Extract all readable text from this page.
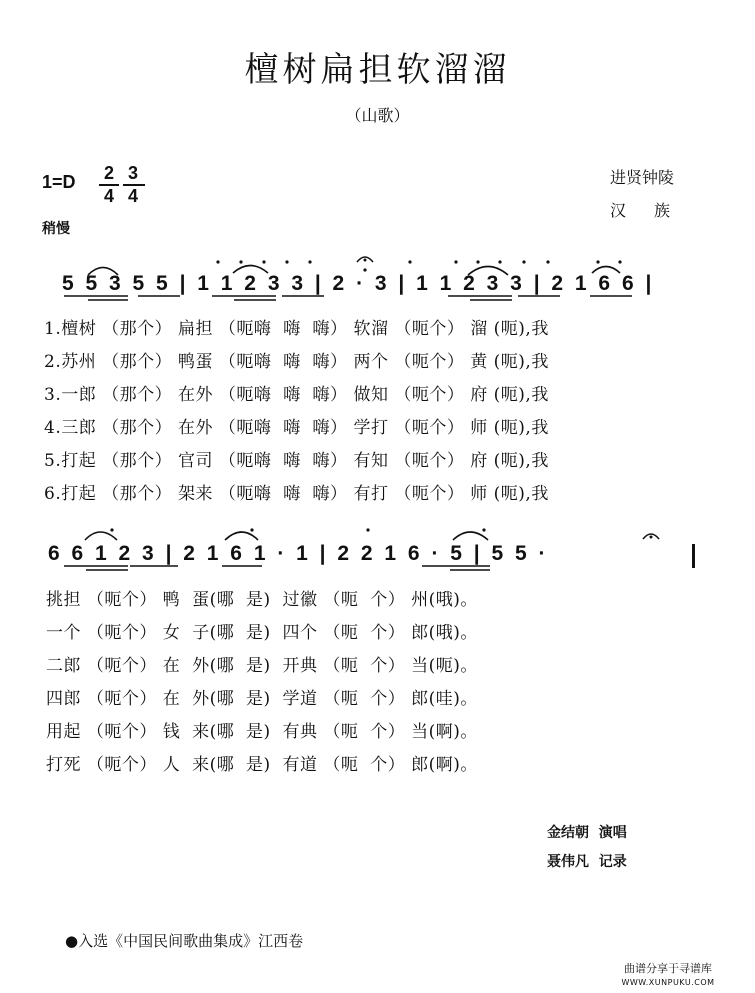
檀树扁担软溜溜
（山歌）
1=D 2
4
3
4
稍慢
进贤钟陵
汉族
5 5 3 5 5 | 1 1 2 3 3 | 2 · 3 | 1 1 2 3 3 | 2 1 6 6 |
1.檀树 （那个） 扁担 （呃嗨  嗨  嗨） 软溜 （呃个） 溜 (呃),我
2.苏州 （那个） 鸭蛋 （呃嗨  嗨  嗨） 两个 （呃个） 黄 (呃),我
3.一郎 （那个） 在外 （呃嗨  嗨  嗨） 做知 （呃个） 府 (呃),我
4.三郎 （那个） 在外 （呃嗨  嗨  嗨） 学打 （呃个） 师 (呃),我
5.打起 （那个） 官司 （呃嗨  嗨  嗨） 有知 （呃个） 府 (呃),我
6.打起 （那个） 架来 （呃嗨  嗨  嗨） 有打 （呃个） 师 (呃),我
6 6 1 2 3 | 2 1 6 1 · 1 | 2 2 1 6 · 5 | 5 5 ·
挑担 （呃个） 鸭  蛋(哪  是)  过徽 （呃  个） 州(哦)。
一个 （呃个） 女  子(哪  是)  四个 （呃  个） 郎(哦)。
二郎 （呃个） 在  外(哪  是)  开典 （呃  个） 当(呃)。
四郎 （呃个） 在  外(哪  是)  学道 （呃  个） 郎(哇)。
用起 （呃个） 钱  来(哪  是)  有典 （呃  个） 当(啊)。
打死 （呃个） 人  来(哪  是)  有道 （呃  个） 郎(啊)。
金结朝 演唱
聂伟凡 记录
●入选《中国民间歌曲集成》江西卷
曲谱分享于寻谱库
WWW.XUNPUKU.COM
